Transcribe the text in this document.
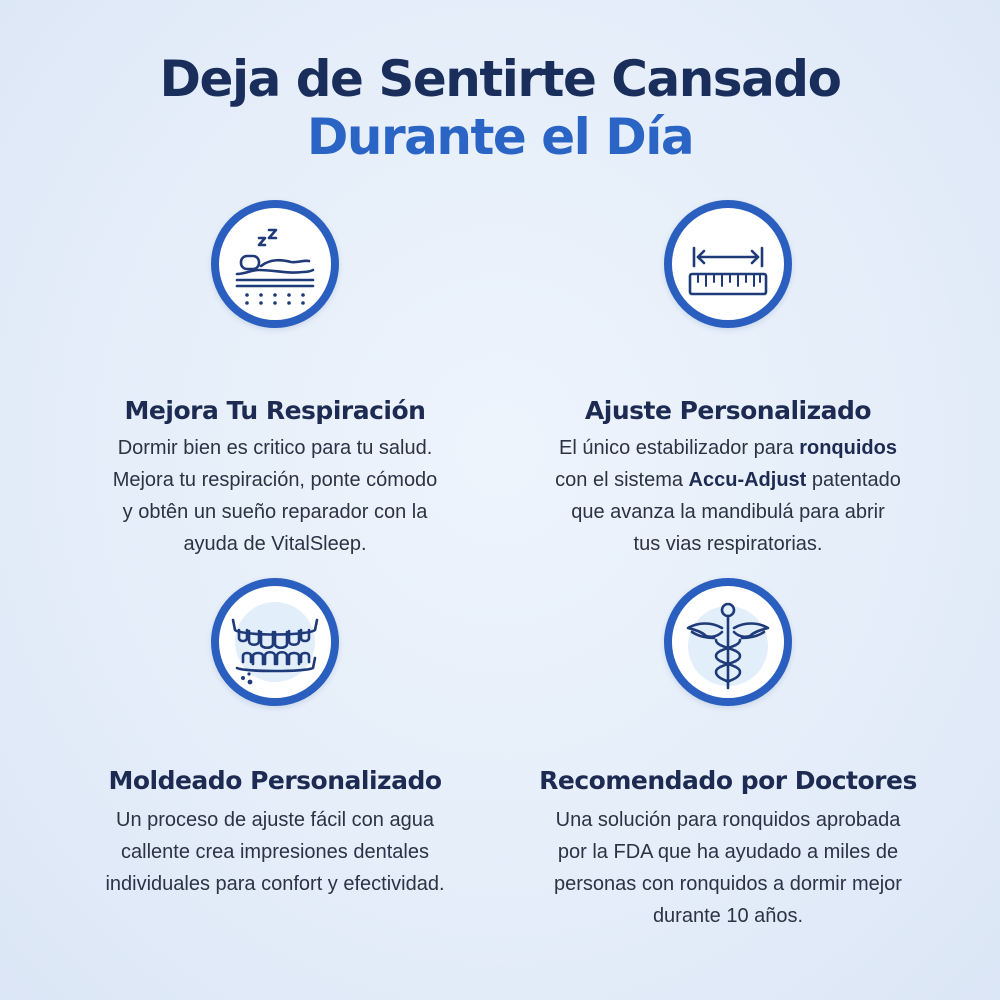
Deja de Sentirte Cansado
Durante el Día
Mejora Tu Respiración
Dormir bien es critico para tu salud.
Mejora tu respiración, ponte cómodo
y obtên un sueño reparador con la
ayuda de VitalSleep.
Ajuste Personalizado
El único estabilizador para ronquidos
con el sistema Accu-Adjust patentado
que avanza la mandibulá para abrir
tus vias respiratorias.
Moldeado Personalizado
Un proceso de ajuste fácil con agua
callente crea impresiones dentales
individuales para confort y efectividad.
Recomendado por Doctores
Una solución para ronquidos aprobada
por la FDA que ha ayudado a miles de
personas con ronquidos a dormir mejor
durante 10 años.
